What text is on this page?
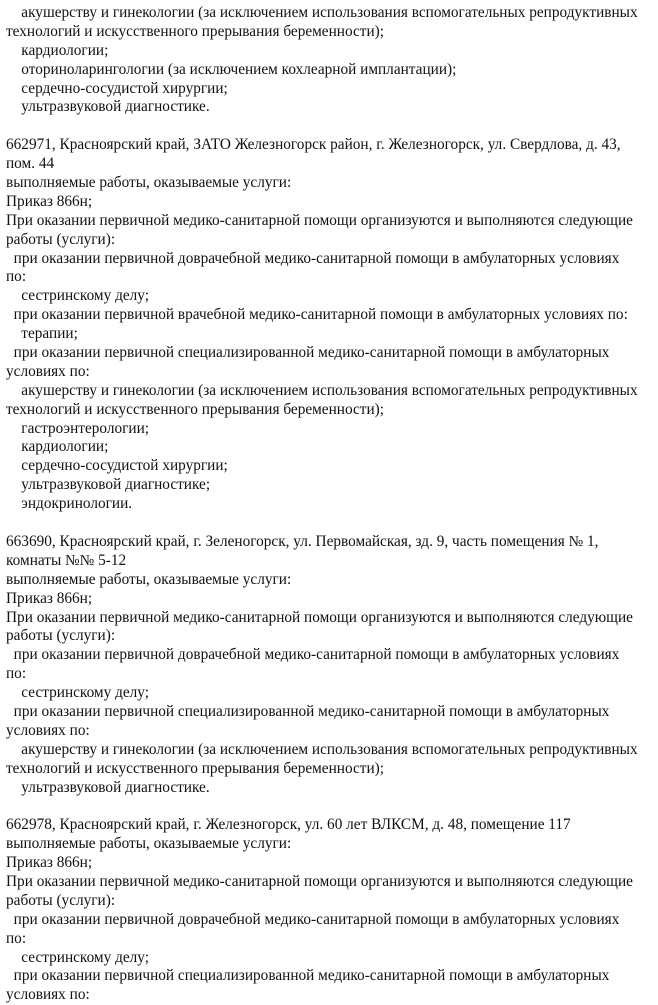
акушерству и гинекологии (за исключением использования вспомогательных репродуктивных
технологий и искусственного прерывания беременности);
кардиологии;
оториноларингологии (за исключением кохлеарной имплантации);
сердечно-сосудистой хирургии;
ультразвуковой диагностике.
662971, Красноярский край, ЗАТО Железногорск район, г. Железногорск, ул. Свердлова, д. 43,
пом. 44
выполняемые работы, оказываемые услуги:
Приказ 866н;
При оказании первичной медико-санитарной помощи организуются и выполняются следующие
работы (услуги):
при оказании первичной доврачебной медико-санитарной помощи в амбулаторных условиях
по:
сестринскому делу;
при оказании первичной врачебной медико-санитарной помощи в амбулаторных условиях по:
терапии;
при оказании первичной специализированной медико-санитарной помощи в амбулаторных
условиях по:
акушерству и гинекологии (за исключением использования вспомогательных репродуктивных
технологий и искусственного прерывания беременности);
гастроэнтерологии;
кардиологии;
сердечно-сосудистой хирургии;
ультразвуковой диагностике;
эндокринологии.
663690, Красноярский край, г. Зеленогорск, ул. Первомайская, зд. 9, часть помещения № 1,
комнаты №№ 5-12
выполняемые работы, оказываемые услуги:
Приказ 866н;
При оказании первичной медико-санитарной помощи организуются и выполняются следующие
работы (услуги):
при оказании первичной доврачебной медико-санитарной помощи в амбулаторных условиях
по:
сестринскому делу;
при оказании первичной специализированной медико-санитарной помощи в амбулаторных
условиях по:
акушерству и гинекологии (за исключением использования вспомогательных репродуктивных
технологий и искусственного прерывания беременности);
ультразвуковой диагностике.
662978, Красноярский край, г. Железногорск, ул. 60 лет ВЛКСМ, д. 48, помещение 117
выполняемые работы, оказываемые услуги:
Приказ 866н;
При оказании первичной медико-санитарной помощи организуются и выполняются следующие
работы (услуги):
при оказании первичной доврачебной медико-санитарной помощи в амбулаторных условиях
по:
сестринскому делу;
при оказании первичной специализированной медико-санитарной помощи в амбулаторных
условиях по:
